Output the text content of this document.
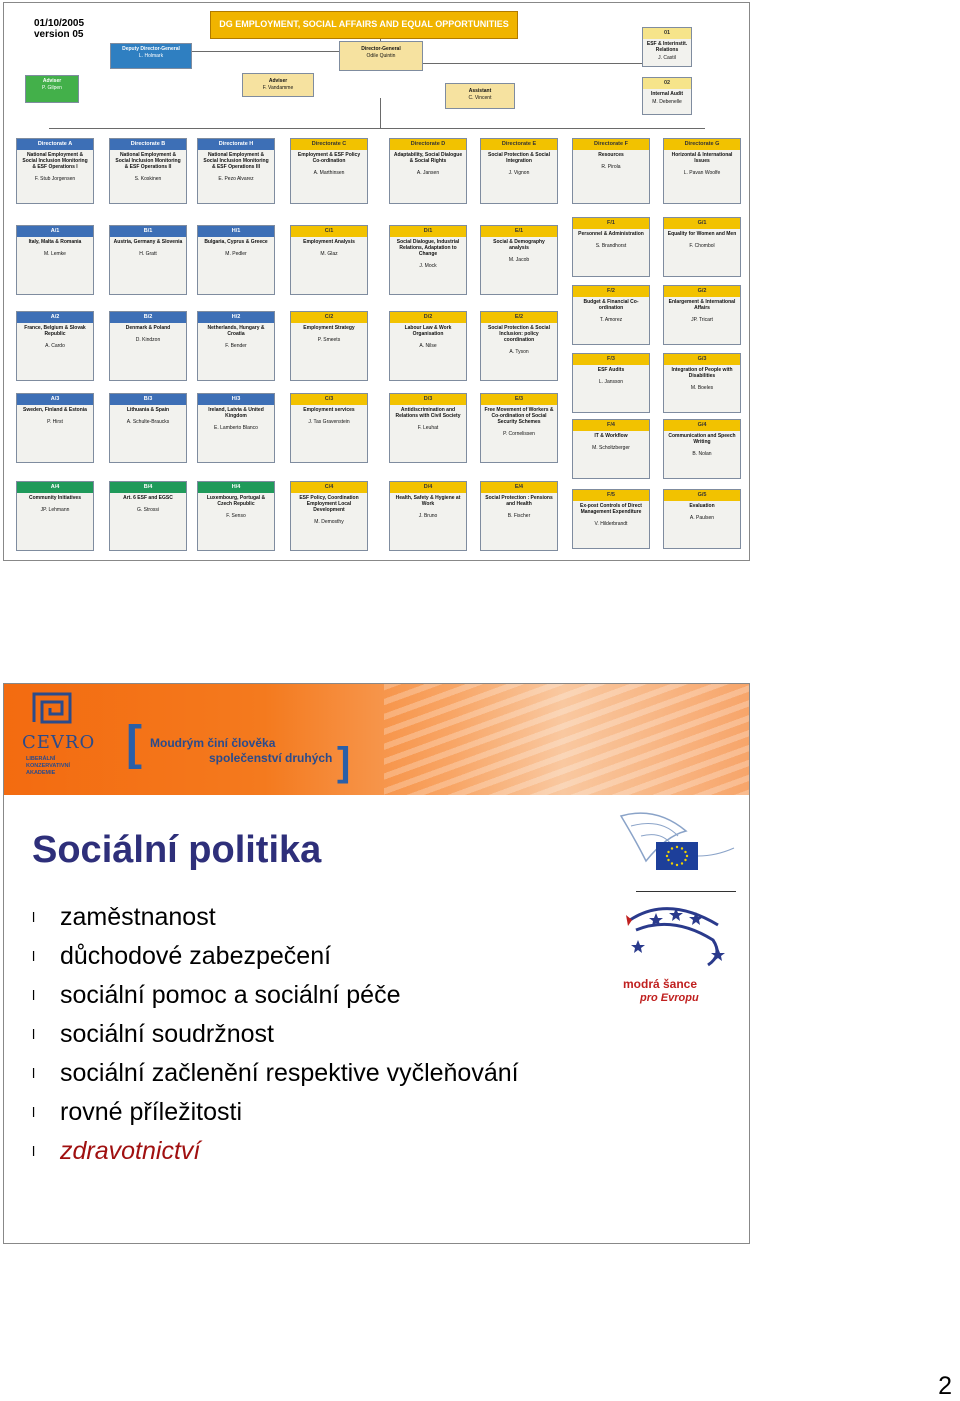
01/10/2005
version 05
DG EMPLOYMENT, SOCIAL AFFAIRS AND EQUAL OPPORTUNITIES
Deputy Director-General
L. Holmark
Director-General
Odile Quintin
Adviser
P. Gilpen
Adviser
F. Vandamme	Assistant
C. Vincent
01
ESF & Interinstit. Relations
J. Castil
02
Internal Audit
M. Debenelle
Directorate A
National Employment & Social Inclusion Monitoring & ESF Operations I
F. Stub Jorgensen
A/1
Italy, Malta & Romania
M. Lemke
A/2
France, Belgium & Slovak Republic
A. Cardo
A/3
Sweden, Finland & Estonia
P. Hirst
A/4
Community Initiatives
JP. Lehmann
Directorate B
National Employment & Social Inclusion Monitoring & ESF Operations II
S. Koskinen
B/1
Austria, Germany & Slovenia
H. Gratt
B/2
Denmark & Poland
D. Kindzon
B/3
Lithuania & Spain
A. Schulte-Braucks
B/4
Art. 6 ESF and EGSC
G. Strossi
Directorate H
National Employment & Social Inclusion Monitoring & ESF Operations III
E. Pezo Alvarez
H/1
Bulgaria, Cyprus & Greece
M. Pedler
H/2
Netherlands, Hungary & Croatia
F. Bender
H/3
Ireland, Latvia & United Kingdom
E. Lamberto Blanco
H/4
Luxembourg, Portugal & Czech Republic
F. Senso
Directorate C
Employment & ESF Policy Co-ordination
A. Marthinsen
C/1
Employment Analysis
M. Glaz
C/2
Employment Strategy
P. Smeets
C/3
Employment services
J. Tas Gravenstein
C/4
ESF Policy, Coordination Employment Local Development
M. Demosthy
Directorate D
Adaptability, Social Dialogue & Social Rights
A. Jansen
D/1
Social Dialogue, Industrial Relations, Adaptation to Change
J. Mock
D/2
Labour Law & Work Organisation
A. Nilse
D/3
Antidiscrimination and Relations with Civil Society
F. Leuhat
D/4
Health, Safety & Hygiene at Work
J. Bruno
Directorate E
Social Protection & Social Integration
J. Vignon
E/1
Social & Demography analysis
M. Jacob
E/2
Social Protection & Social Inclusion: policy coordination
A. Tyson
E/3
Free Movement of Workers & Co-ordination of Social Security Schemes
P. Cornelissen
E/4
Social Protection : Pensions and Health
B. Fischer
Directorate F
Resources
R. Pirola
F/1
Personnel & Administration
S. Brandhorst
F/2
Budget & Financial Co-ordination
T. Amorez
F/3
ESF Audits
L. Jansson
F/4
IT & Workflow
M. Scholtzberger
F/5
Ex-post Controls of Direct Management Expenditure
V. Hilderbrandt
Directorate G
Horizontal & International Issues
L. Pavan Woolfe
G/1
Equality for Women and Men
F. Chombol
G/2
Enlargement & International Affairs
JP. Tricart
G/3
Integration of People with Disabilities
M. Boeles
G/4
Communication and Speech Writing
B. Nolan
G/5
Evaluation
A. Paulsen
CEVRO
LIBERÁLNÍ
KONZERVATIVNÍ
AKADEMIE
[ Moudrým činí člověka
společenství druhých ]
Sociální politika
l zaměstnanost
l důchodové zabezpečení
l sociální pomoc a sociální péče
l sociální soudržnost
l sociální začlenění respektive vyčleňování
l rovné příležitosti
l zdravotnictví
modrá šance
pro Evropu
2
